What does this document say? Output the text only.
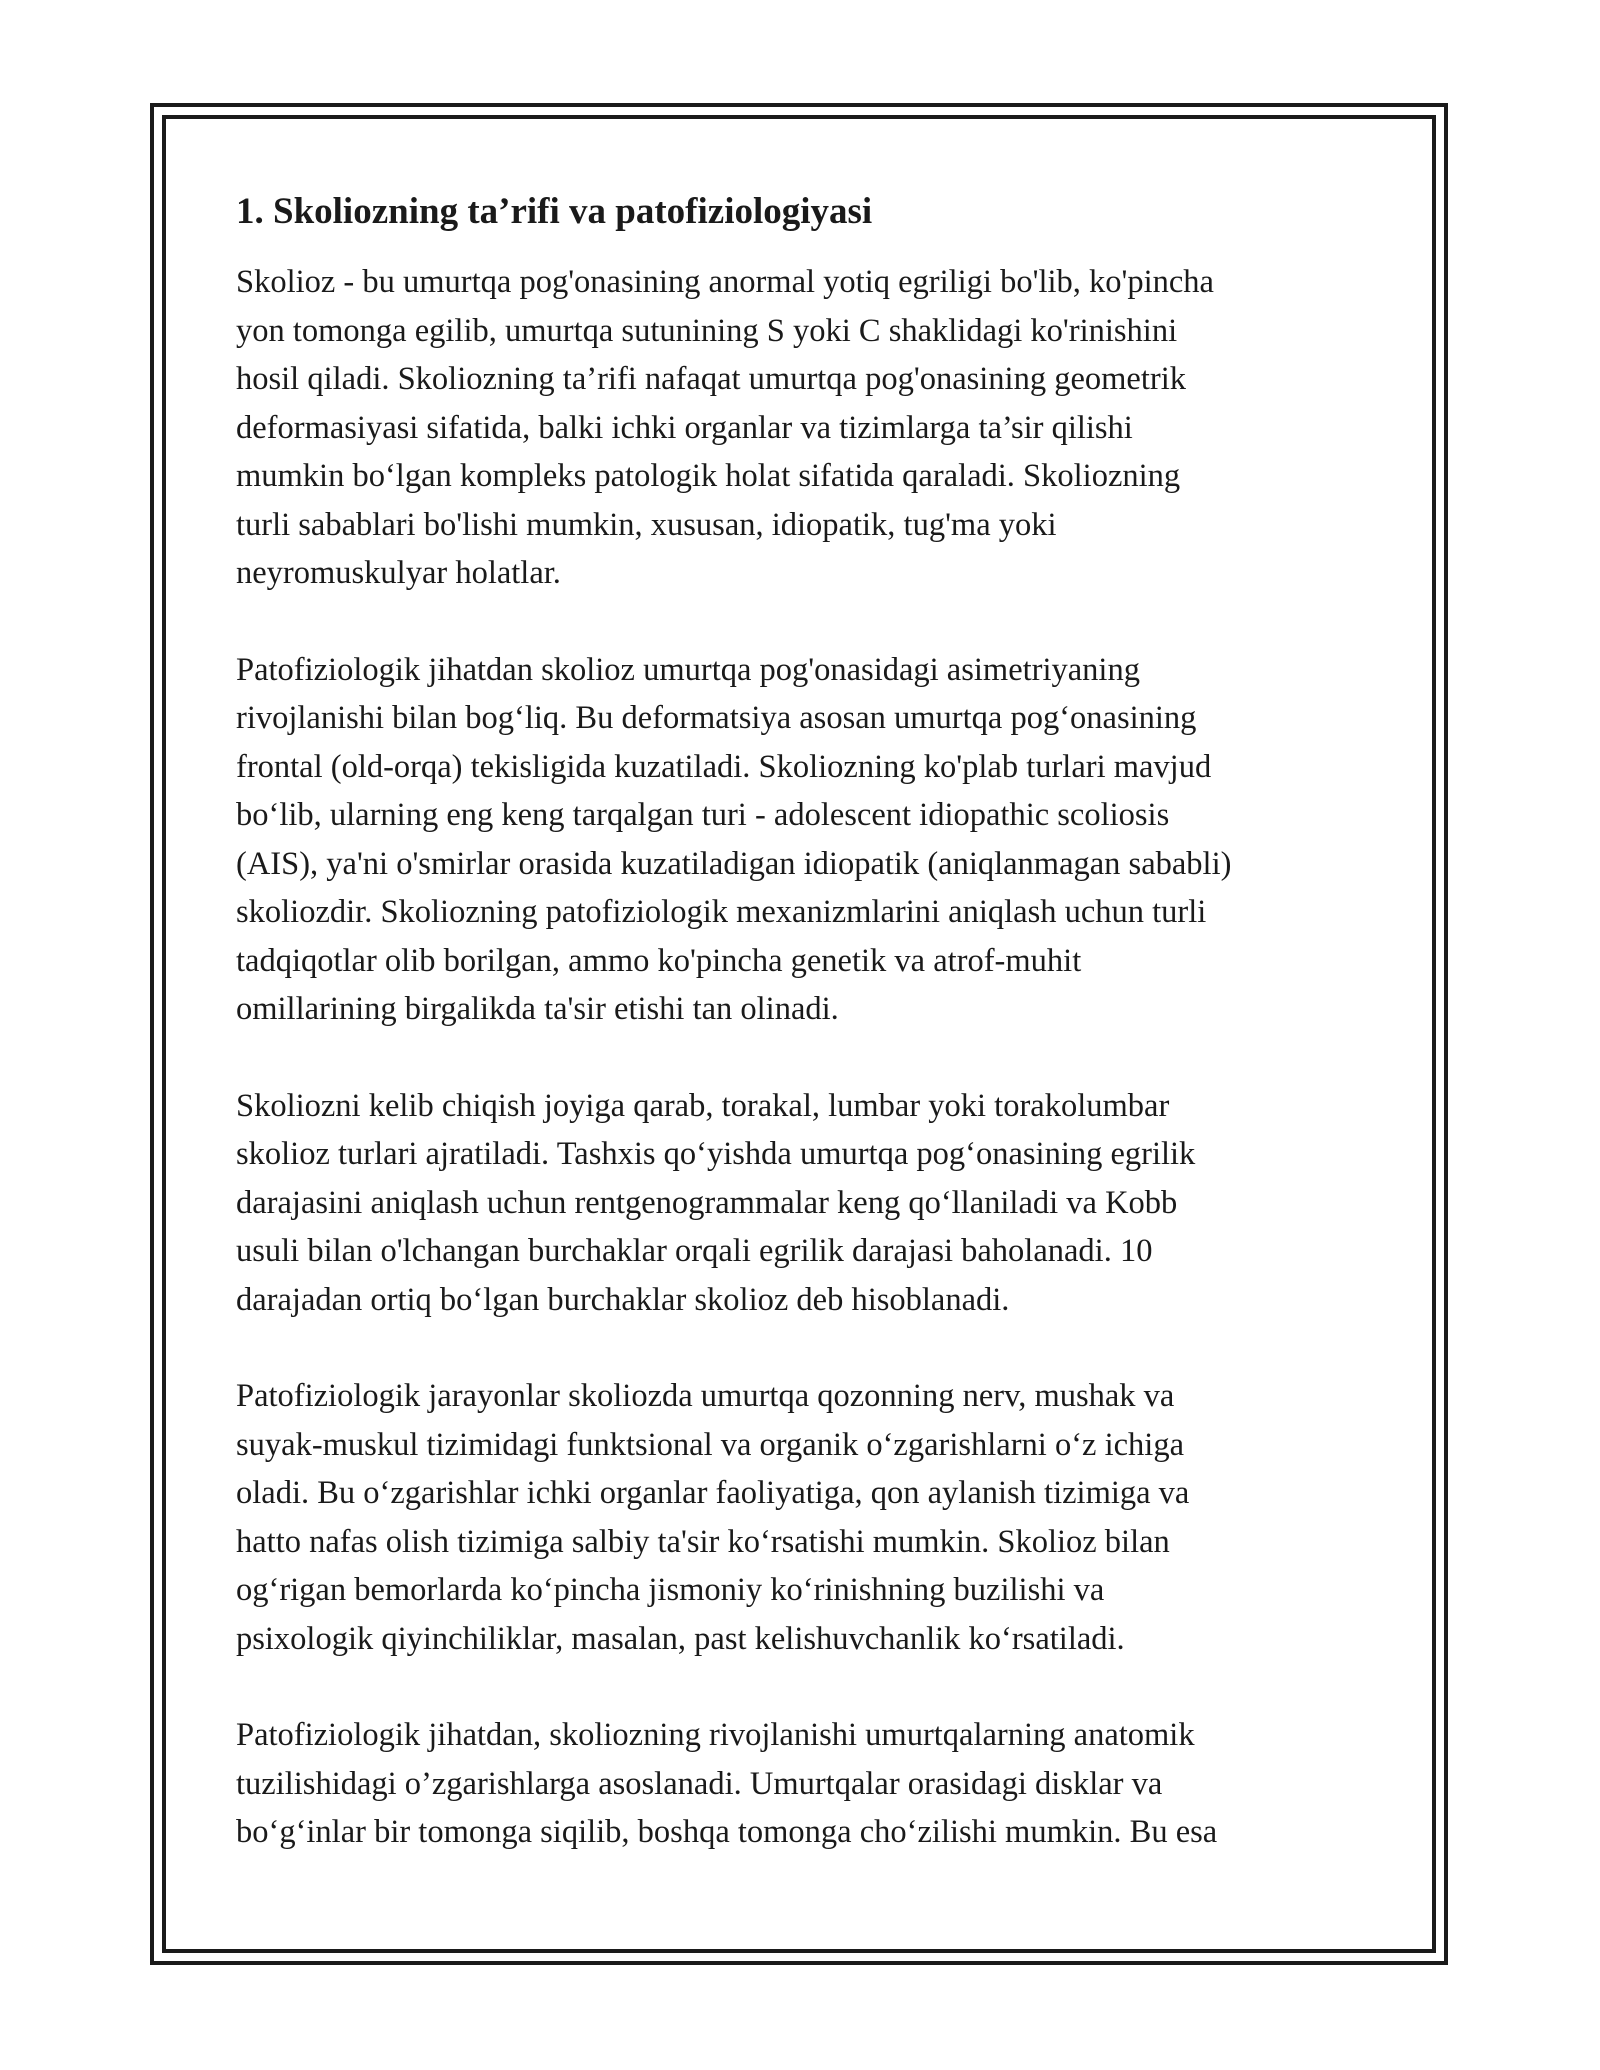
1. Skoliozning ta’rifi va patofiziologiyasi

Skolioz - bu umurtqa pog'onasining anormal yotiq egriligi bo'lib, ko'pincha
yon tomonga egilib, umurtqa sutunining S yoki C shaklidagi ko'rinishini
hosil qiladi. Skoliozning ta’rifi nafaqat umurtqa pog'onasining geometrik
deformasiyasi sifatida, balki ichki organlar va tizimlarga ta’sir qilishi
mumkin boʻlgan kompleks patologik holat sifatida qaraladi. Skoliozning
turli sabablari bo'lishi mumkin, xususan, idiopatik, tug'ma yoki
neyromuskulyar holatlar.

Patofiziologik jihatdan skolioz umurtqa pog'onasidagi asimetriyaning
rivojlanishi bilan bogʻliq. Bu deformatsiya asosan umurtqa pogʻonasining
frontal (old-orqa) tekisligida kuzatiladi. Skoliozning ko'plab turlari mavjud
boʻlib, ularning eng keng tarqalgan turi - adolescent idiopathic scoliosis
(AIS), ya'ni o'smirlar orasida kuzatiladigan idiopatik (aniqlanmagan sababli)
skoliozdir. Skoliozning patofiziologik mexanizmlarini aniqlash uchun turli
tadqiqotlar olib borilgan, ammo ko'pincha genetik va atrof-muhit
omillarining birgalikda ta'sir etishi tan olinadi.

Skoliozni kelib chiqish joyiga qarab, torakal, lumbar yoki torakolumbar
skolioz turlari ajratiladi. Tashxis qoʻyishda umurtqa pogʻonasining egrilik
darajasini aniqlash uchun rentgenogrammalar keng qoʻllaniladi va Kobb
usuli bilan o'lchangan burchaklar orqali egrilik darajasi baholanadi. 10
darajadan ortiq boʻlgan burchaklar skolioz deb hisoblanadi.

Patofiziologik jarayonlar skoliozda umurtqa qozonning nerv, mushak va
suyak-muskul tizimidagi funktsional va organik oʻzgarishlarni oʻz ichiga
oladi. Bu oʻzgarishlar ichki organlar faoliyatiga, qon aylanish tizimiga va
hatto nafas olish tizimiga salbiy ta'sir koʻrsatishi mumkin. Skolioz bilan
ogʻrigan bemorlarda koʻpincha jismoniy koʻrinishning buzilishi va
psixologik qiyinchiliklar, masalan, past kelishuvchanlik koʻrsatiladi.

Patofiziologik jihatdan, skoliozning rivojlanishi umurtqalarning anatomik
tuzilishidagi o’zgarishlarga asoslanadi. Umurtqalar orasidagi disklar va
boʻgʻinlar bir tomonga siqilib, boshqa tomonga choʻzilishi mumkin. Bu esa
